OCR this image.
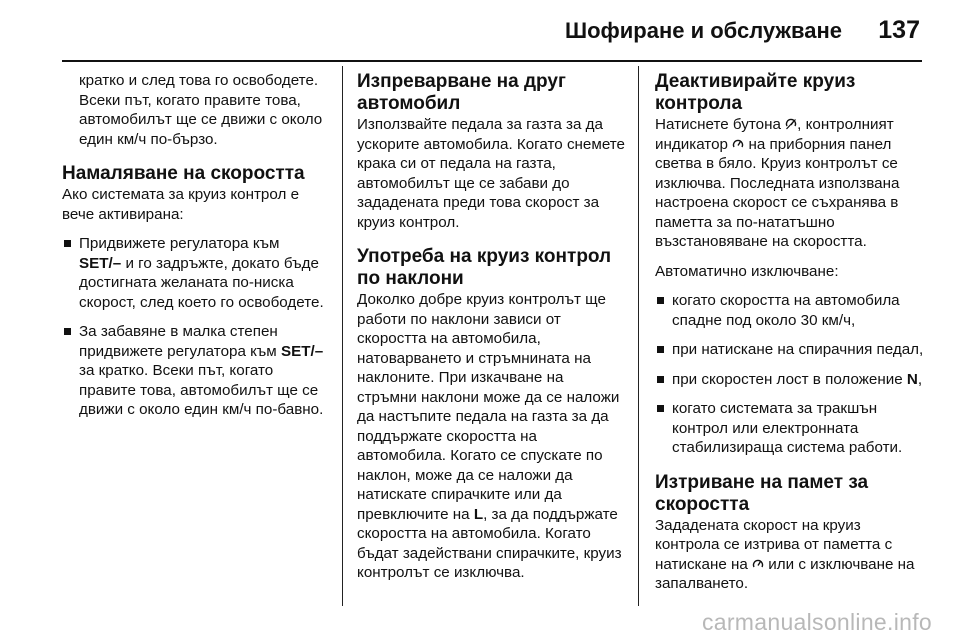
Шофиране и обслужване 137

кратко и след това го освободете. Всеки път, когато правите това, автомобилът ще се движи с около един км/ч по-бързо.

Намаляване на скоростта

Ако системата за круиз контрол е вече активирана:

Придвижете регулатора към
SET/– и го задръжте, докато бъде достигната желаната по-ниска скорост, след което го освободете.
За забавяне в малка степен придвижете регулатора към SET/– за кратко. Всеки път, когато правите това, автомобилът ще се движи с около един км/ч по-бавно.
Изпреварване на друг автомобил

Използвайте педала за газта за да ускорите автомобила. Когато снемете крака си от педала на газта, автомобилът ще се забави до зададената преди това скорост за круиз контрол.

Употреба на круиз контрол по наклони

Доколко добре круиз контролът ще работи по наклони зависи от скоростта на автомобила, натоварването и стръмнината на наклоните. При изкачване на стръмни наклони може да се наложи да настъпите педала на газта за да поддържате скоростта на автомобила. Когато се спускате по наклон, може да се наложи да натискате спирачките или да превключите на L, за да поддържате скоростта на автомобила. Когато бъдат задействани спирачките, круиз контролът се изключва.

Деактивирайте круиз контрола

Натиснете бутона , контролният индикатор  на приборния панел светва в бяло. Круиз контролът се изключва. Последната използвана настроена скорост се съхранява в паметта за по-нататъшно възстановяване на скоростта.

Автоматично изключване:

когато скоростта на автомобила спадне под около 30 км/ч,
при натискане на спирачния педал,
при скоростен лост в положение N,
когато системата за тракшън контрол или електронната стабилизираща система работи.
Изтриване на памет за скоростта

Зададената скорост на круиз контрола се изтрива от паметта с натискане на  или с изключване на запалването.

carmanualsonline.info
